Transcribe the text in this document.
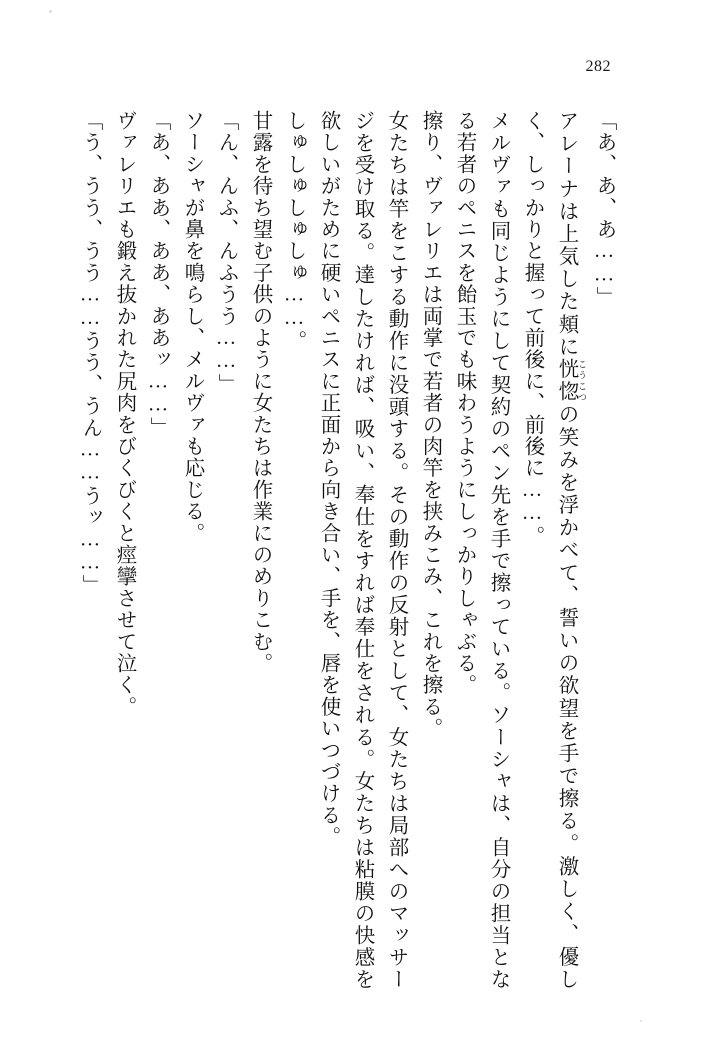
282

「あ、あ、あ……」

アレーナは上気した頬に恍惚 こうこつの笑みを浮かべて、誓いの欲望を手で擦る。激しく、優しく、しっかりと握って前後に、前後に……。

メルヴァも同じようにして契約のペン先を手で擦っている。ソーシャは、自分の担当となる若者のペニスを飴玉でも味わうようにしっかりしゃぶる。

擦り、ヴァレリエは両掌で若者の肉竿を挟みこみ、これを擦る。

女たちは竿をこする動作に没頭する。その動作の反射として、女たちは局部へのマッサージを受け取る。達したければ、吸い、奉仕をすれば奉仕をされる。女たちは粘膜の快感を欲しいがために硬いペニスに正面から向き合い、手を、唇を使いつづける。

しゅしゅしゅしゅ……。

甘露を待ち望む子供のように女たちは作業にのめりこむ。

「ん、んふ、んふうう……」

ソーシャが鼻を鳴らし、メルヴァも応じる。

「あ、ああ、ああ、ああッ……」

ヴァレリエも鍛え抜かれた尻肉をびくびくと痙攣させて泣く。

「う、うう、うう……うう、うん……うッ……」
